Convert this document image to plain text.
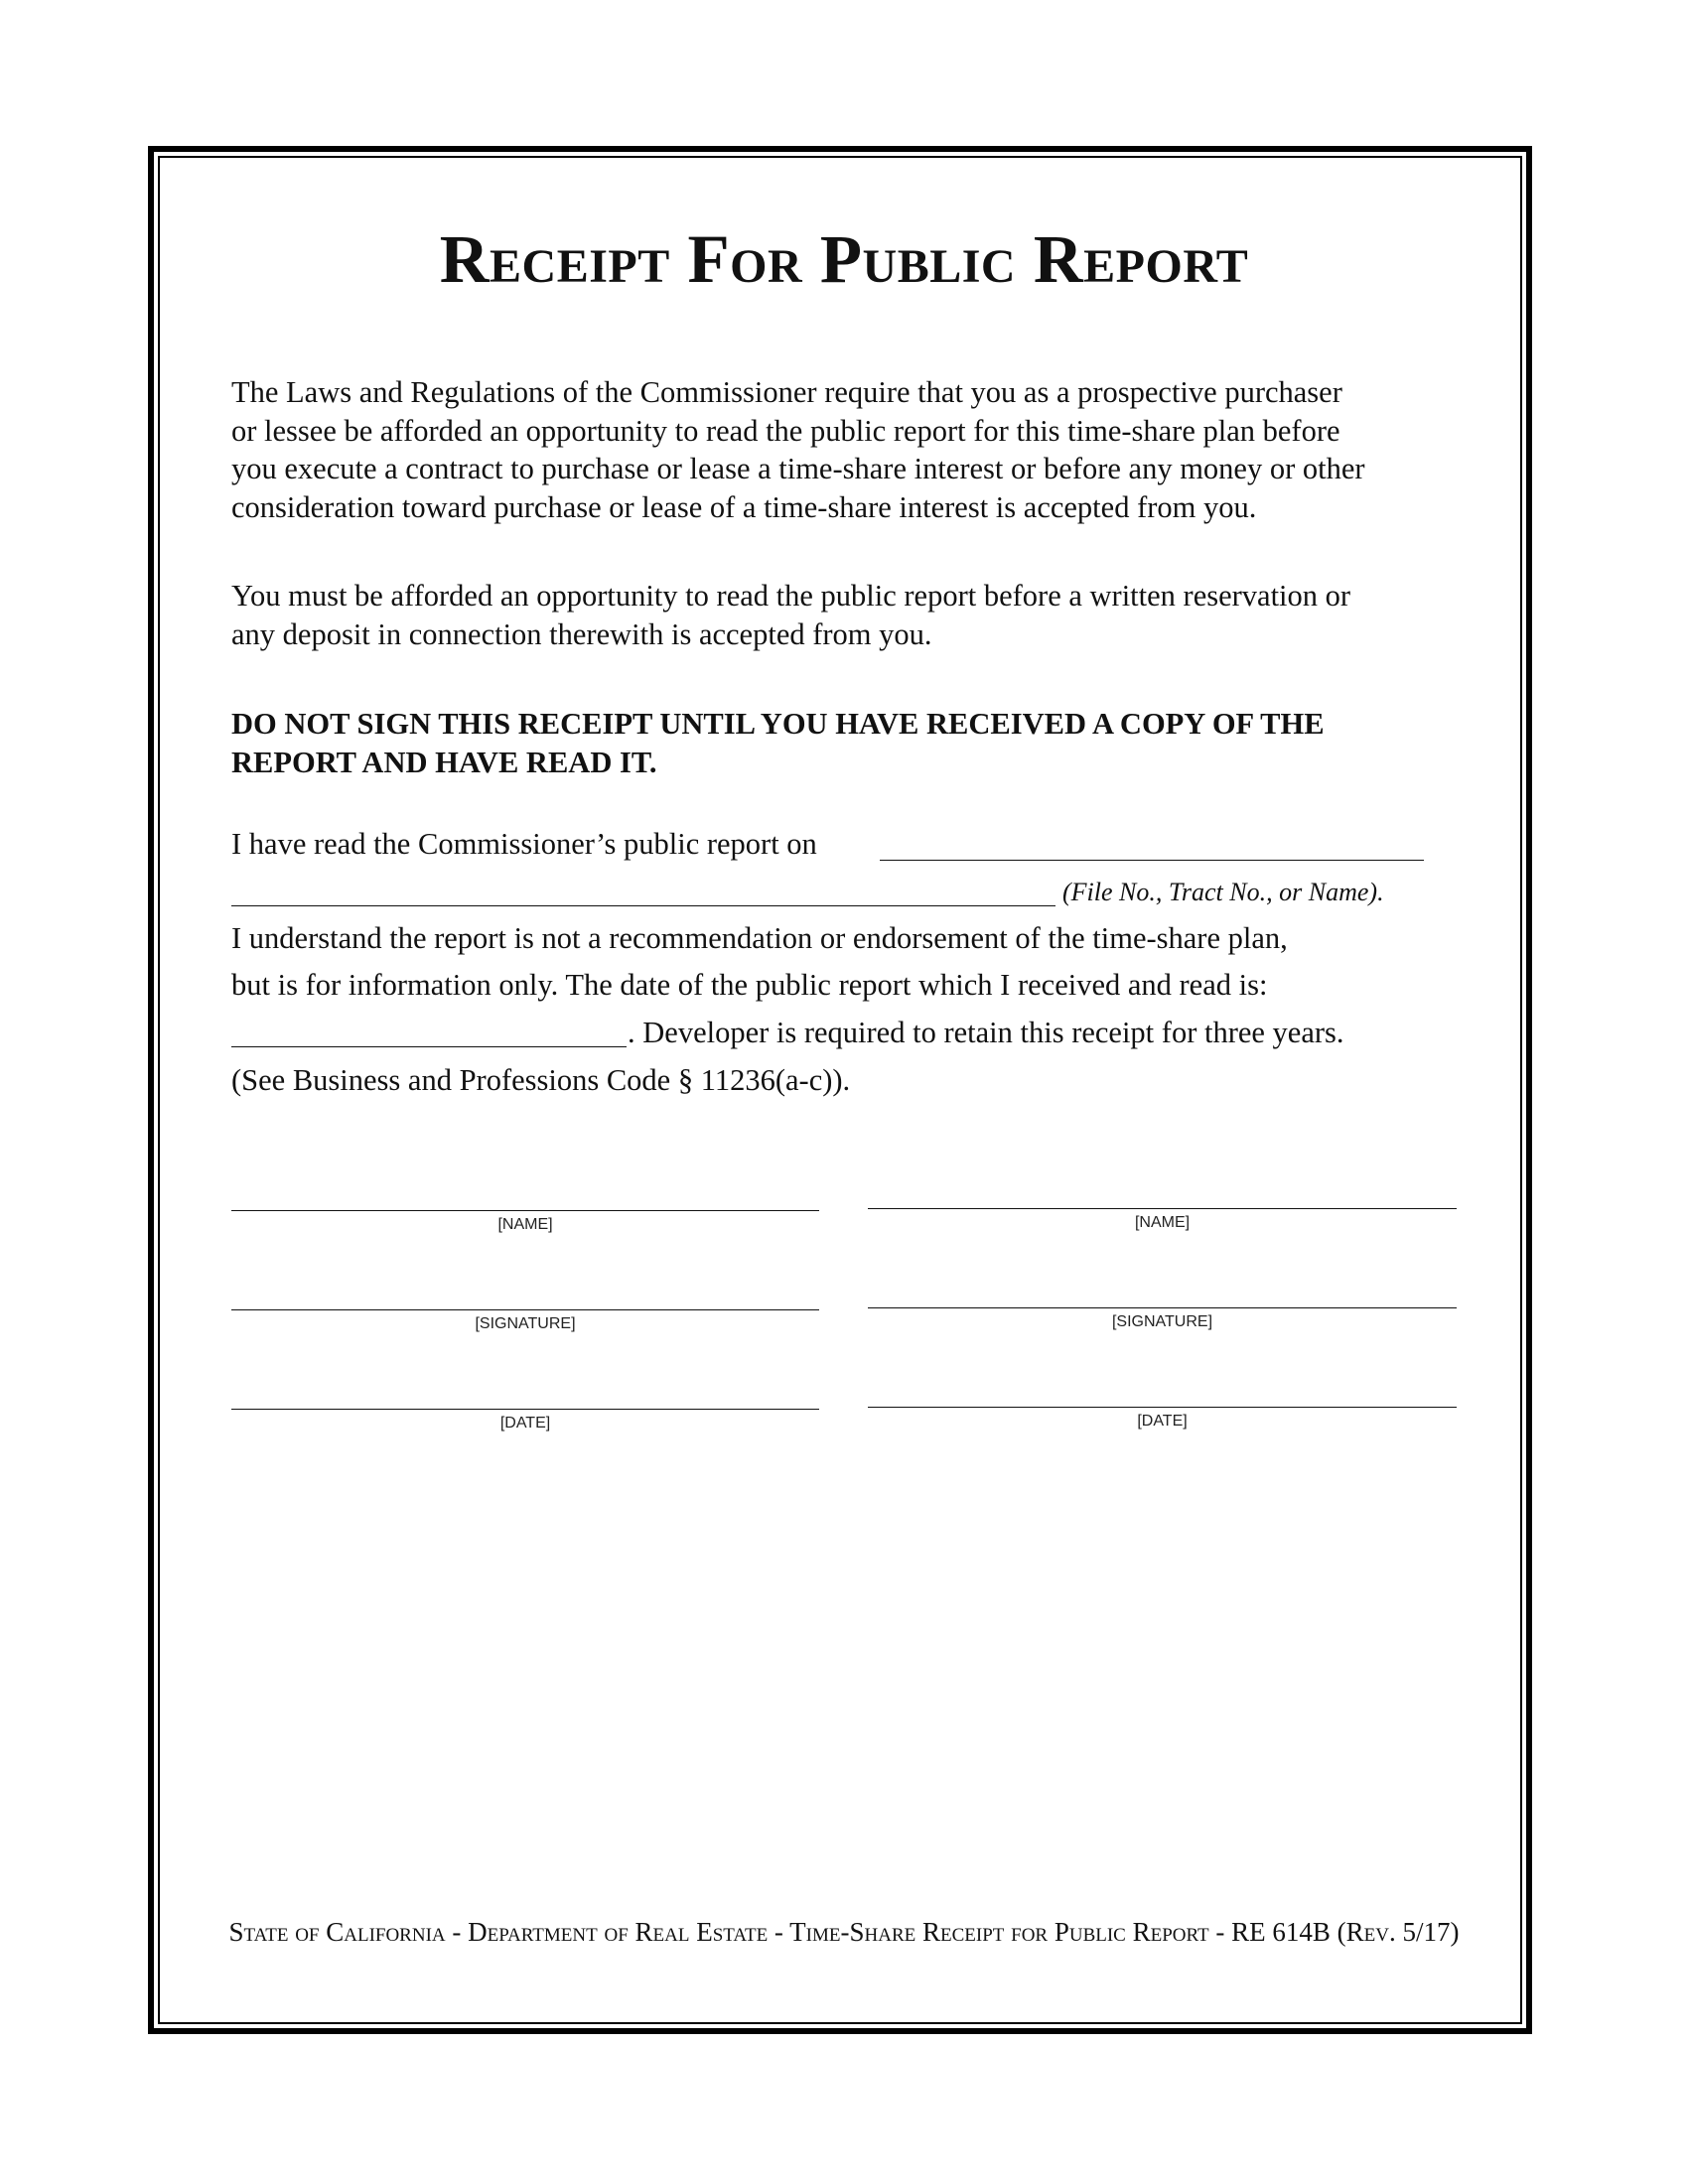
Receipt For Public Report
The Laws and Regulations of the Commissioner require that you as a prospective purchaser
or lessee be afforded an opportunity to read the public report for this time-share plan before
you execute a contract to purchase or lease a time-share interest or before any money or other
consideration toward purchase or lease of a time-share interest is accepted from you.
You must be afforded an opportunity to read the public report before a written reservation or
any deposit in connection therewith is accepted from you.
DO NOT SIGN THIS RECEIPT UNTIL YOU HAVE RECEIVED A COPY OF THE
REPORT AND HAVE READ IT.
I have read the Commissioner’s public report on
(File No., Tract No., or Name).
I understand the report is not a recommendation or endorsement of the time-share plan,
but is for information only. The date of the public report which I received and read is:
. Developer is required to retain this receipt for three years.
(See Business and Professions Code § 11236(a-c)).
[NAME]
[SIGNATURE]
[DATE]
[NAME]
[SIGNATURE]
[DATE]
State of California - Department of Real Estate - Time-Share Receipt for Public Report - RE 614B (Rev. 5/17)
